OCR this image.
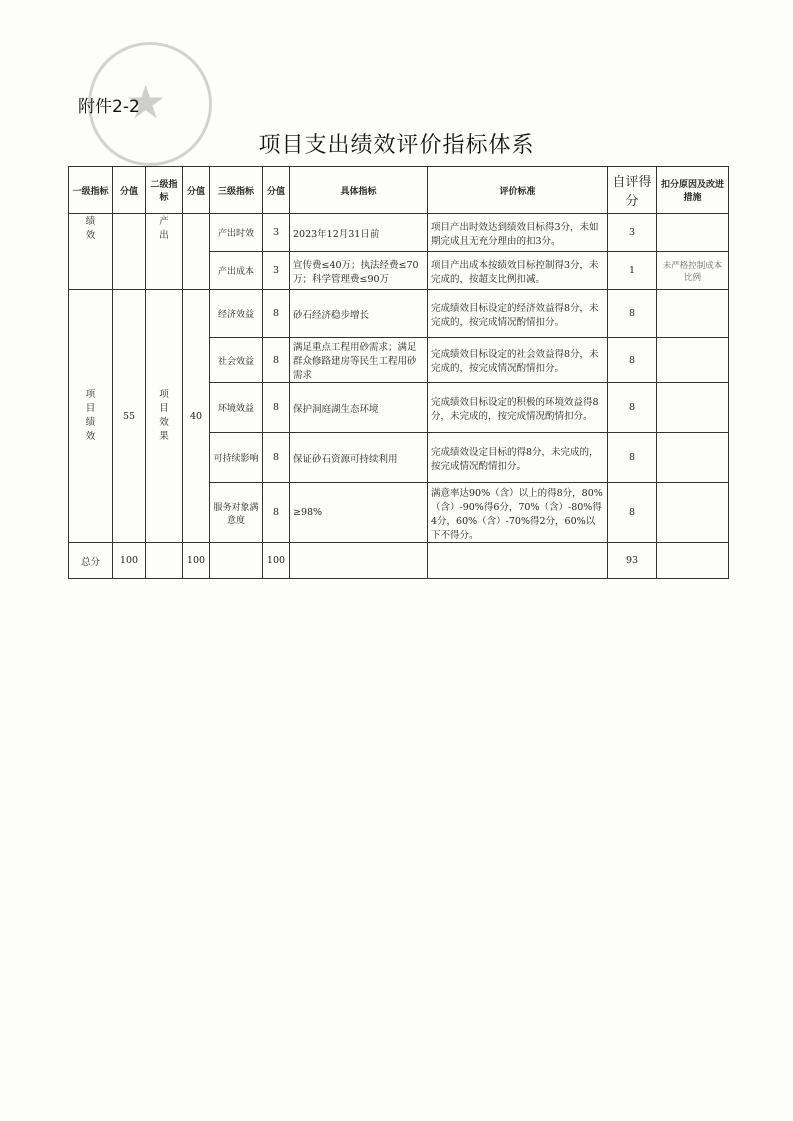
★
附件2-2
项目支出绩效评价指标体系
一级指标	分值	二级指标	分值	三级指标	分值	具体指标	评价标准	自评得分	扣分原因及改进措施
绩效		产出		产出时效	3	2023年12月31日前	项目产出时效达到绩效目标得3分，未如期完成且无充分理由的扣3分。	3	
				产出成本	3	宣传费≤40万；执法经费≤70万；科学管理费≤90万	项目产出成本按绩效目标控制得3分，未完成的，按超支比例扣减。	1	未严格控制成本比例
项目绩效	55	项目效果	40	经济效益	8	砂石经济稳步增长	完成绩效目标设定的经济效益得8分，未完成的，按完成情况酌情扣分。	8	
				社会效益	8	满足重点工程用砂需求；满足群众修路建房等民生工程用砂需求	完成绩效目标设定的社会效益得8分，未完成的，按完成情况酌情扣分。	8	
				环境效益	8	保护洞庭湖生态环境	完成绩效目标设定的积极的环境效益得8分，未完成的，按完成情况酌情扣分。	8	
				可持续影响	8	保证砂石资源可持续利用	完成绩效设定目标的得8分，未完成的，按完成情况酌情扣分。	8	
				服务对象满意度	8	≥98%	满意率达90%（含）以上的得8分，80%（含）-90%得6分，70%（含）-80%得4分，60%（含）-70%得2分，60%以下不得分。	8	
总分	100		100		100			93	
